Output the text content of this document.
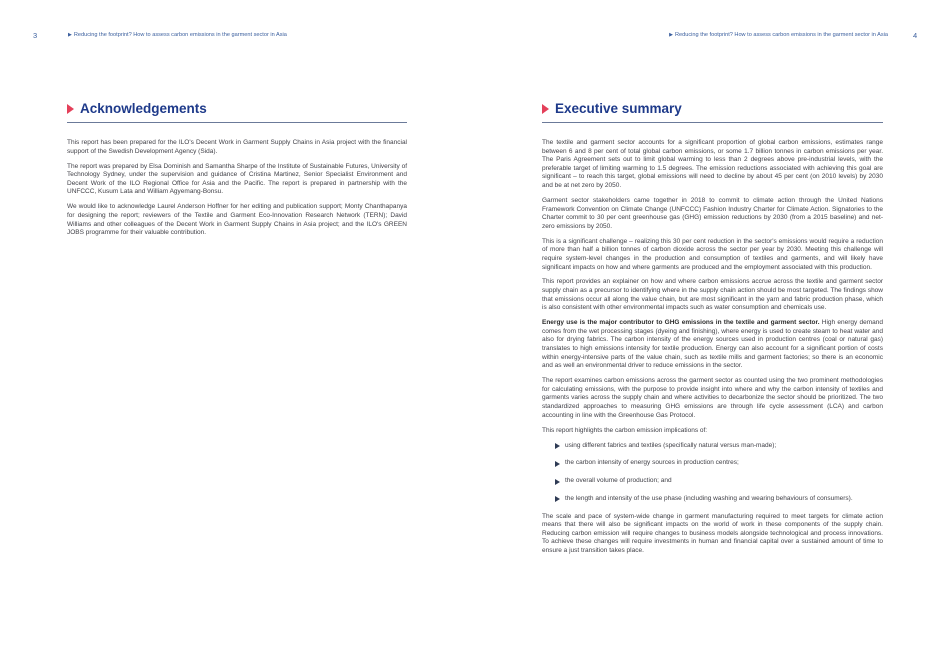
3	▶ Reducing the footprint? How to assess carbon emissions in the garment sector in Asia
Acknowledgements

This report has been prepared for the ILO's Decent Work in Garment Supply Chains in Asia project with the financial support of the Swedish Development Agency (Sida).

The report was prepared by Elsa Dominish and Samantha Sharpe of the Institute of Sustainable Futures, University of Technology Sydney, under the supervision and guidance of Cristina Martinez, Senior Specialist Environment and Decent Work of the ILO Regional Office for Asia and the Pacific. The report is prepared in partnership with the UNFCCC, Kusum Lata and William Agyemang-Bonsu.

We would like to acknowledge Laurel Anderson Hoffner for her editing and publication support; Monty Chanthapanya for designing the report; reviewers of the Textile and Garment Eco-Innovation Research Network (TERN); David Williams and other colleagues of the Decent Work in Garment Supply Chains in Asia project; and the ILO's GREEN JOBS programme for their valuable contribution.

▶ Reducing the footprint? How to assess carbon emissions in the garment sector in Asia	4
Executive summary

The textile and garment sector accounts for a significant proportion of global carbon emissions, estimates range between 6 and 8 per cent of total global carbon emissions, or some 1.7 billion tonnes in carbon emissions per year. The Paris Agreement sets out to limit global warming to less than 2 degrees above pre-industrial levels, with the preferable target of limiting warming to 1.5 degrees. The emission reductions associated with achieving this goal are significant – to reach this target, global emissions will need to decline by about 45 per cent (on 2010 levels) by 2030 and be at net zero by 2050.

Garment sector stakeholders came together in 2018 to commit to climate action through the United Nations Framework Convention on Climate Change (UNFCCC) Fashion Industry Charter for Climate Action. Signatories to the Charter commit to 30 per cent greenhouse gas (GHG) emission reductions by 2030 (from a 2015 baseline) and net-zero emissions by 2050.

This is a significant challenge – realizing this 30 per cent reduction in the sector's emissions would require a reduction of more than half a billion tonnes of carbon dioxide across the sector per year by 2030. Meeting this challenge will require system-level changes in the production and consumption of textiles and garments, and will likely have significant impacts on how and where garments are produced and the employment associated with this production.

This report provides an explainer on how and where carbon emissions accrue across the textile and garment sector supply chain as a precursor to identifying where in the supply chain action should be most targeted. The findings show that emissions occur all along the value chain, but are most significant in the yarn and fabric production phase, which is also consistent with other environmental impacts such as water consumption and chemicals use.

Energy use is the major contributor to GHG emissions in the textile and garment sector. High energy demand comes from the wet processing stages (dyeing and finishing), where energy is used to create steam to heat water and also for drying fabrics. The carbon intensity of the energy sources used in production centres (coal or natural gas) translates to high emissions intensity for textile production. Energy can also account for a significant portion of costs within energy-intensive parts of the value chain, such as textile mills and garment factories; so there is an economic and as well an environmental driver to reduce emissions in the sector.

The report examines carbon emissions across the garment sector as counted using the two prominent methodologies for calculating emissions, with the purpose to provide insight into where and why the carbon intensity of textiles and garments varies across the supply chain and where activities to decarbonize the sector should be prioritized. The two standardized approaches to measuring GHG emissions are through life cycle assessment (LCA) and carbon accounting in line with the Greenhouse Gas Protocol.

This report highlights the carbon emission implications of:

using different fabrics and textiles (specifically natural versus man-made);
the carbon intensity of energy sources in production centres;
the overall volume of production; and
the length and intensity of the use phase (including washing and wearing behaviours of consumers).

The scale and pace of system-wide change in garment manufacturing required to meet targets for climate action means that there will also be significant impacts on the world of work in these components of the supply chain. Reducing carbon emission will require changes to business models alongside technological and process innovations. To achieve these changes will require investments in human and financial capital over a sustained amount of time to ensure a just transition takes place.
